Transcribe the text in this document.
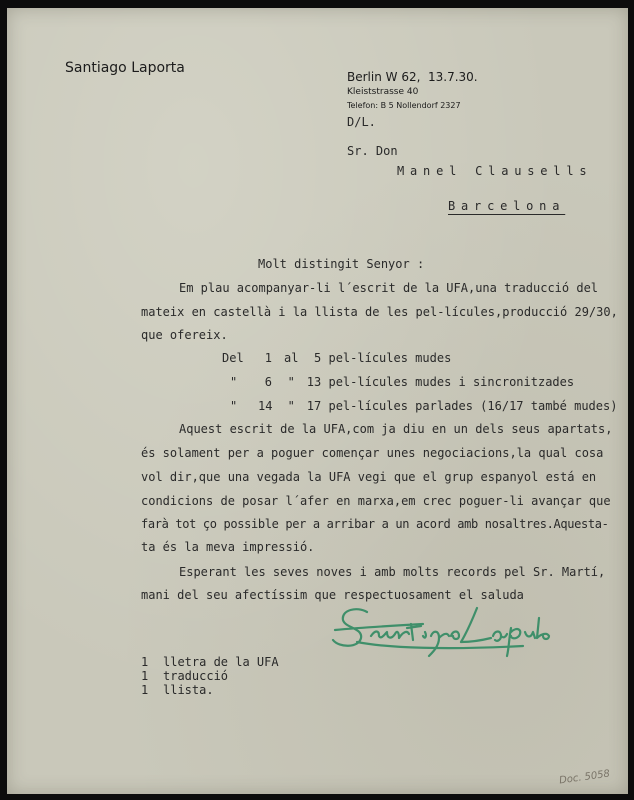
Santiago Laporta
Berlin W 62, 13.7.30.
Kleiststrasse 40
Telefon: B 5 Nollendorf 2327
D/L.
Sr. Don
Manel Clausells
Barcelona
Molt distingit Senyor :
Em plau acompanyar-li l´escrit de la UFA,una traducció del
mateix en castellà i la llista de les pel-lícules,producció 29/30,
que ofereix.
Del 1 al 5 pel-lícules mudes
" 6 " 13 pel-lícules mudes i sincronitzades
" 14 " 17 pel-lícules parlades (16/17 també mudes)
Aquest escrit de la UFA,com ja diu en un dels seus apartats,
és solament per a poguer començar unes negociacions,la qual cosa
vol dir,que una vegada la UFA vegi que el grup espanyol está en
condicions de posar l´afer en marxa,em crec poguer-li avançar que
farà tot ço possible per a arribar a un acord amb nosaltres.Aquesta-
ta és la meva impressió.
Esperant les seves noves i amb molts records pel Sr. Martí,
mani del seu afectíssim que respectuosament el saluda
1 lletra de la UFA
1 traducció
1 llista.
Doc. 5058
